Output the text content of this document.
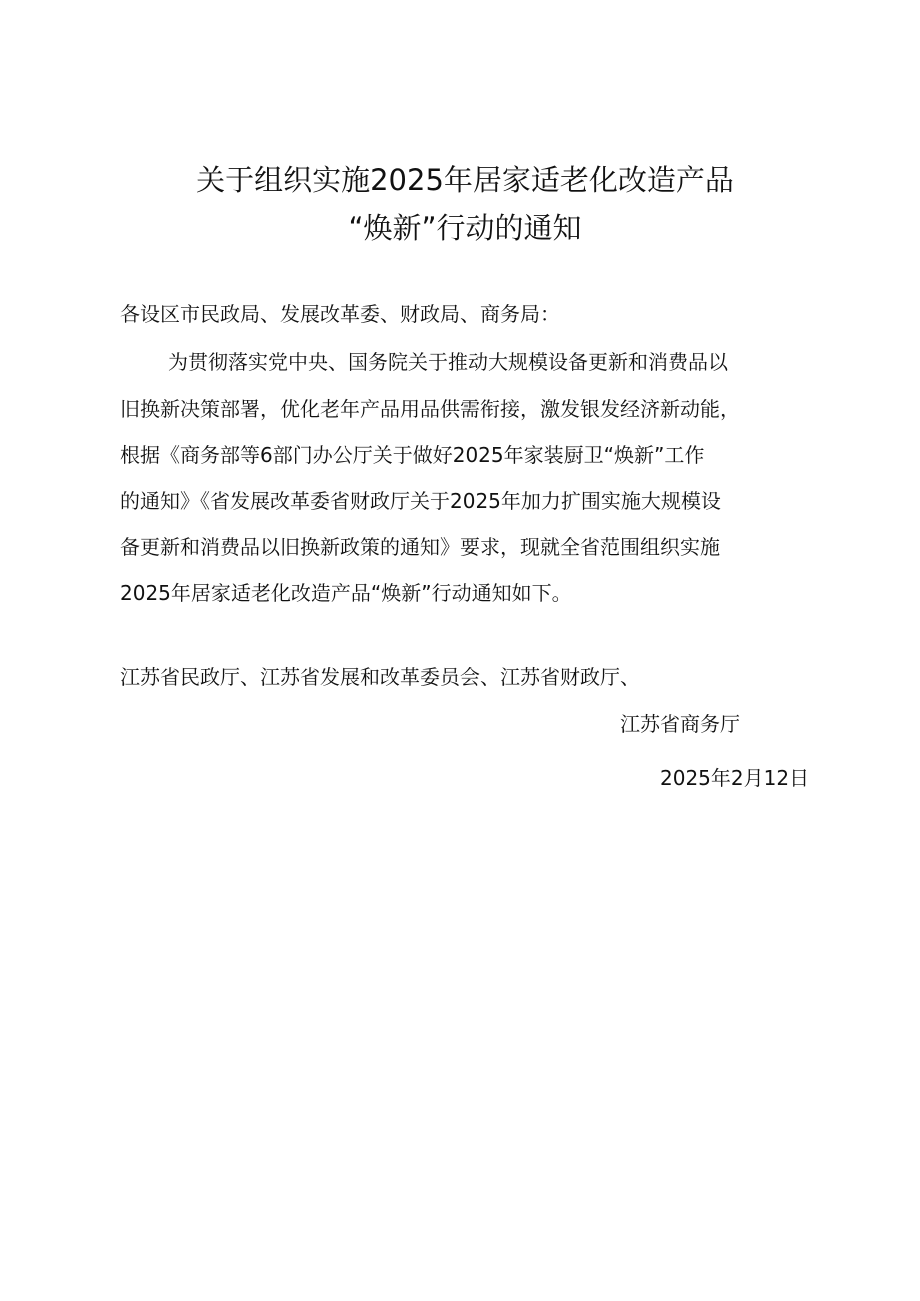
关于组织实施2025年居家适老化改造产品
“焕新”行动的通知
各设区市民政局、发展改革委、财政局、商务局：
为贯彻落实党中央、国务院关于推动大规模设备更新和消费品以
旧换新决策部署，优化老年产品用品供需衔接，激发银发经济新动能，
根据《商务部等6部门办公厅关于做好2025年家装厨卫“焕新”工作
的通知》《省发展改革委省财政厅关于2025年加力扩围实施大规模设
备更新和消费品以旧换新政策的通知》要求，现就全省范围组织实施
2025年居家适老化改造产品“焕新”行动通知如下。
江苏省民政厅、江苏省发展和改革委员会、江苏省财政厅、
江苏省商务厅
2025年2月12日
